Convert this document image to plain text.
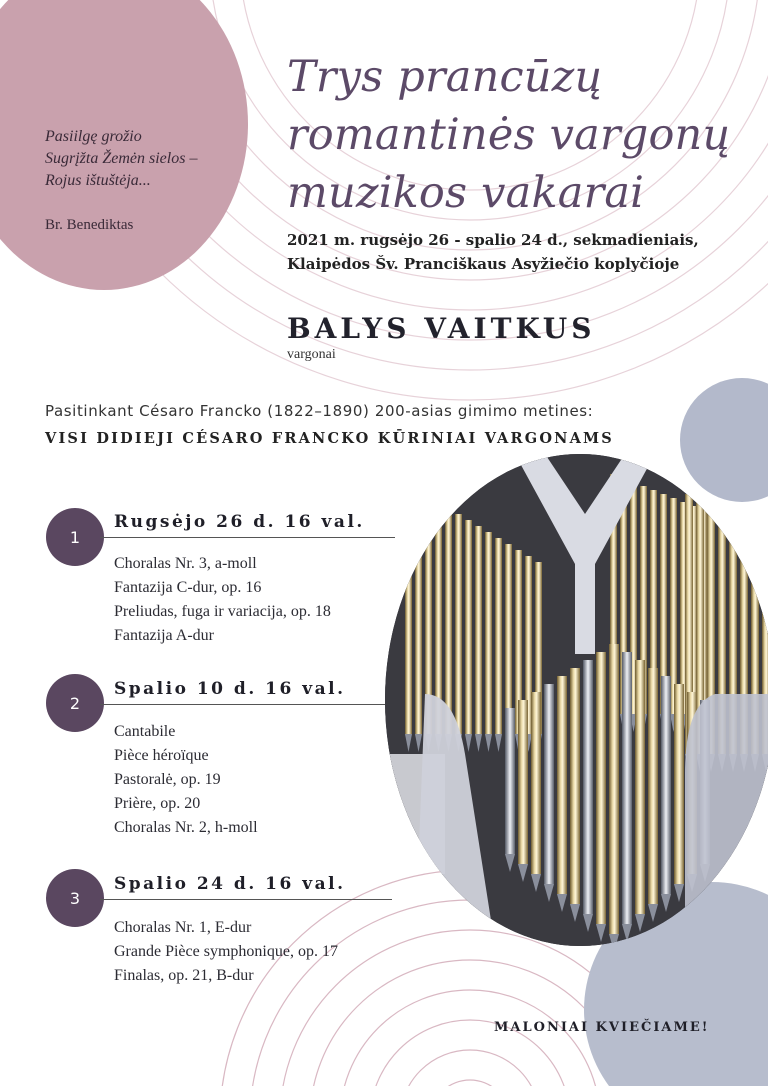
Pasiilgę grožio
Sugrįžta Žemėn sielos –
Rojus ištuštėja...
Br. Benediktas
Trys prancūzų
romantinės vargonų
muzikos vakarai
2021 m. rugsėjo 26 - spalio 24 d., sekmadieniais,
Klaipėdos Šv. Pranciškaus Asyžiečio koplyčioje
BALYS VAITKUS
vargonai
Pasitinkant Césaro Francko (1822–1890) 200-asias gimimo metines:
VISI DIDIEJI CÉSARO FRANCKO KŪRINIAI VARGONAMS
1
Rugsėjo 26 d. 16 val.
Choralas Nr. 3, a-moll
Fantazija C-dur, op. 16
Preliudas, fuga ir variacija, op. 18
Fantazija A-dur
2
Spalio 10 d. 16 val.
Cantabile
Pièce héroïque
Pastoralė, op. 19
Prière, op. 20
Choralas Nr. 2, h-moll
3
Spalio 24 d. 16 val.
Choralas Nr. 1, E-dur
Grande Pièce symphonique, op. 17
Finalas, op. 21, B-dur
MALONIAI KVIEČIAME!
